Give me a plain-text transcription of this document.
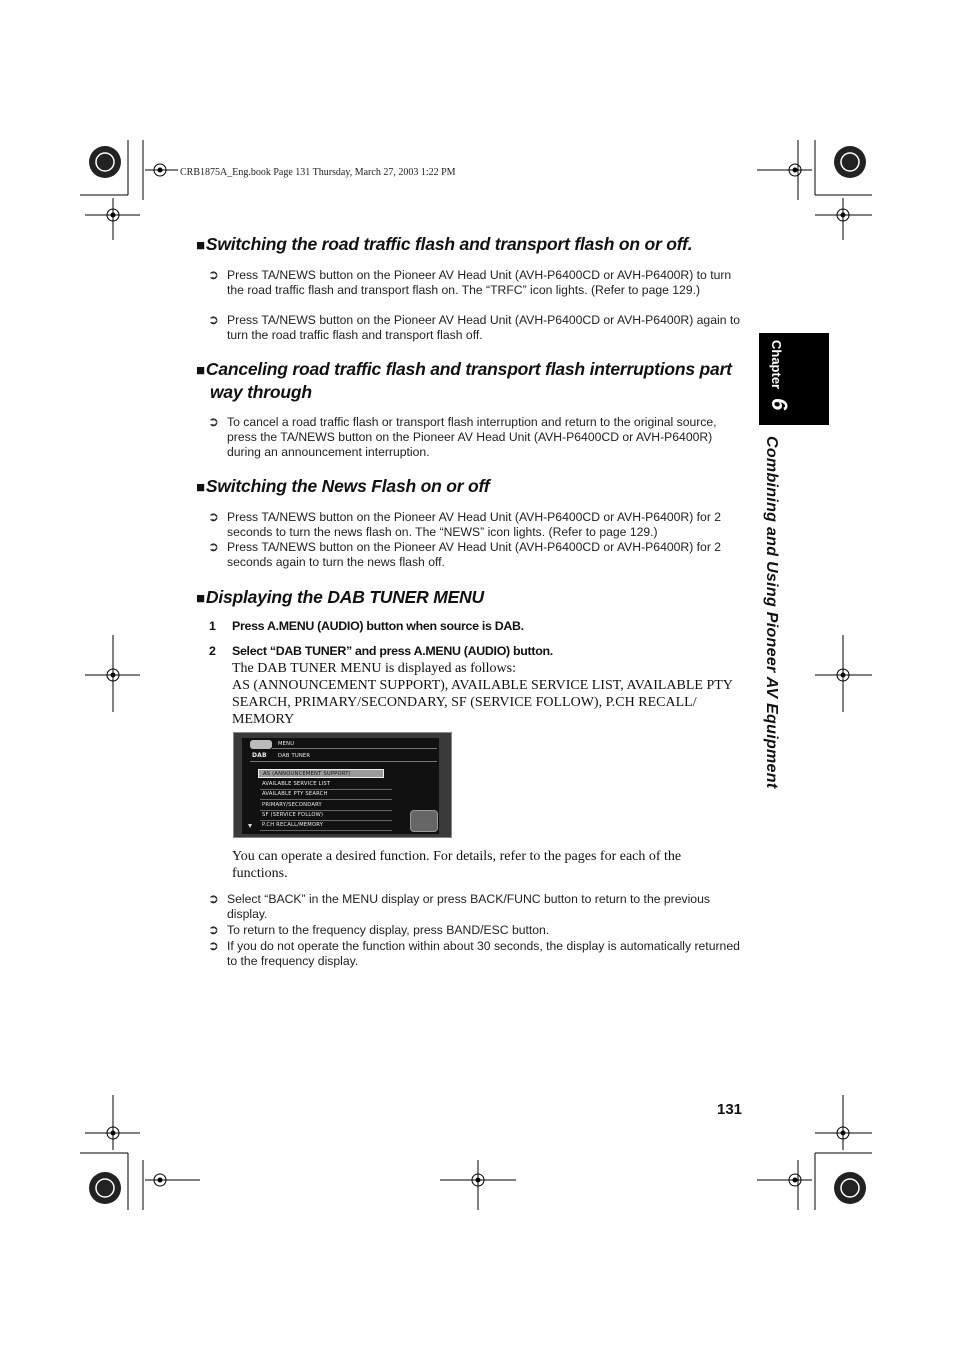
CRB1875A_Eng.book Page 131 Thursday, March 27, 2003 1:22 PM
■Switching the road traffic flash and transport flash on or off.
➲ Press TA/NEWS button on the Pioneer AV Head Unit (AVH-P6400CD or AVH-P6400R) to turn the road traffic flash and transport flash on. The “TRFC” icon lights. (Refer to page 129.)
➲ Press TA/NEWS button on the Pioneer AV Head Unit (AVH-P6400CD or AVH-P6400R) again to turn the road traffic flash and transport flash off.
■Canceling road traffic flash and transport flash interruptions part
way through
➲ To cancel a road traffic flash or transport flash interruption and return to the original source, press the TA/NEWS button on the Pioneer AV Head Unit (AVH-P6400CD or AVH-P6400R) during an announcement interruption.
■Switching the News Flash on or off
➲ Press TA/NEWS button on the Pioneer AV Head Unit (AVH-P6400CD or AVH-P6400R) for 2 seconds to turn the news flash on. The “NEWS” icon lights. (Refer to page 129.)
➲ Press TA/NEWS button on the Pioneer AV Head Unit (AVH-P6400CD or AVH-P6400R) for 2 seconds again to turn the news flash off.
■Displaying the DAB TUNER MENU
1 Press A.MENU (AUDIO) button when source is DAB.
2 Select “DAB TUNER” and press A.MENU (AUDIO) button.
The DAB TUNER MENU is displayed as follows:
AS (ANNOUNCEMENT SUPPORT), AVAILABLE SERVICE LIST, AVAILABLE PTY SEARCH, PRIMARY/SECONDARY, SF (SERVICE FOLLOW), P.CH RECALL/ MEMORY
MENU
DAB DAB TUNER
AS (ANNOUNCEMENT SUPPORT)
AVAILABLE SERVICE LIST
AVAILABLE PTY SEARCH
PRIMARY/SECONDARY
SF (SERVICE FOLLOW)
P.CH RECALL/MEMORY
You can operate a desired function. For details, refer to the pages for each of the functions.
➲ Select “BACK” in the MENU display or press BACK/FUNC button to return to the previous display.
➲ To return to the frequency display, press BAND/ESC button.
➲ If you do not operate the function within about 30 seconds, the display is automatically returned to the frequency display.
Chapter
6
Combining and Using Pioneer AV Equipment
131
